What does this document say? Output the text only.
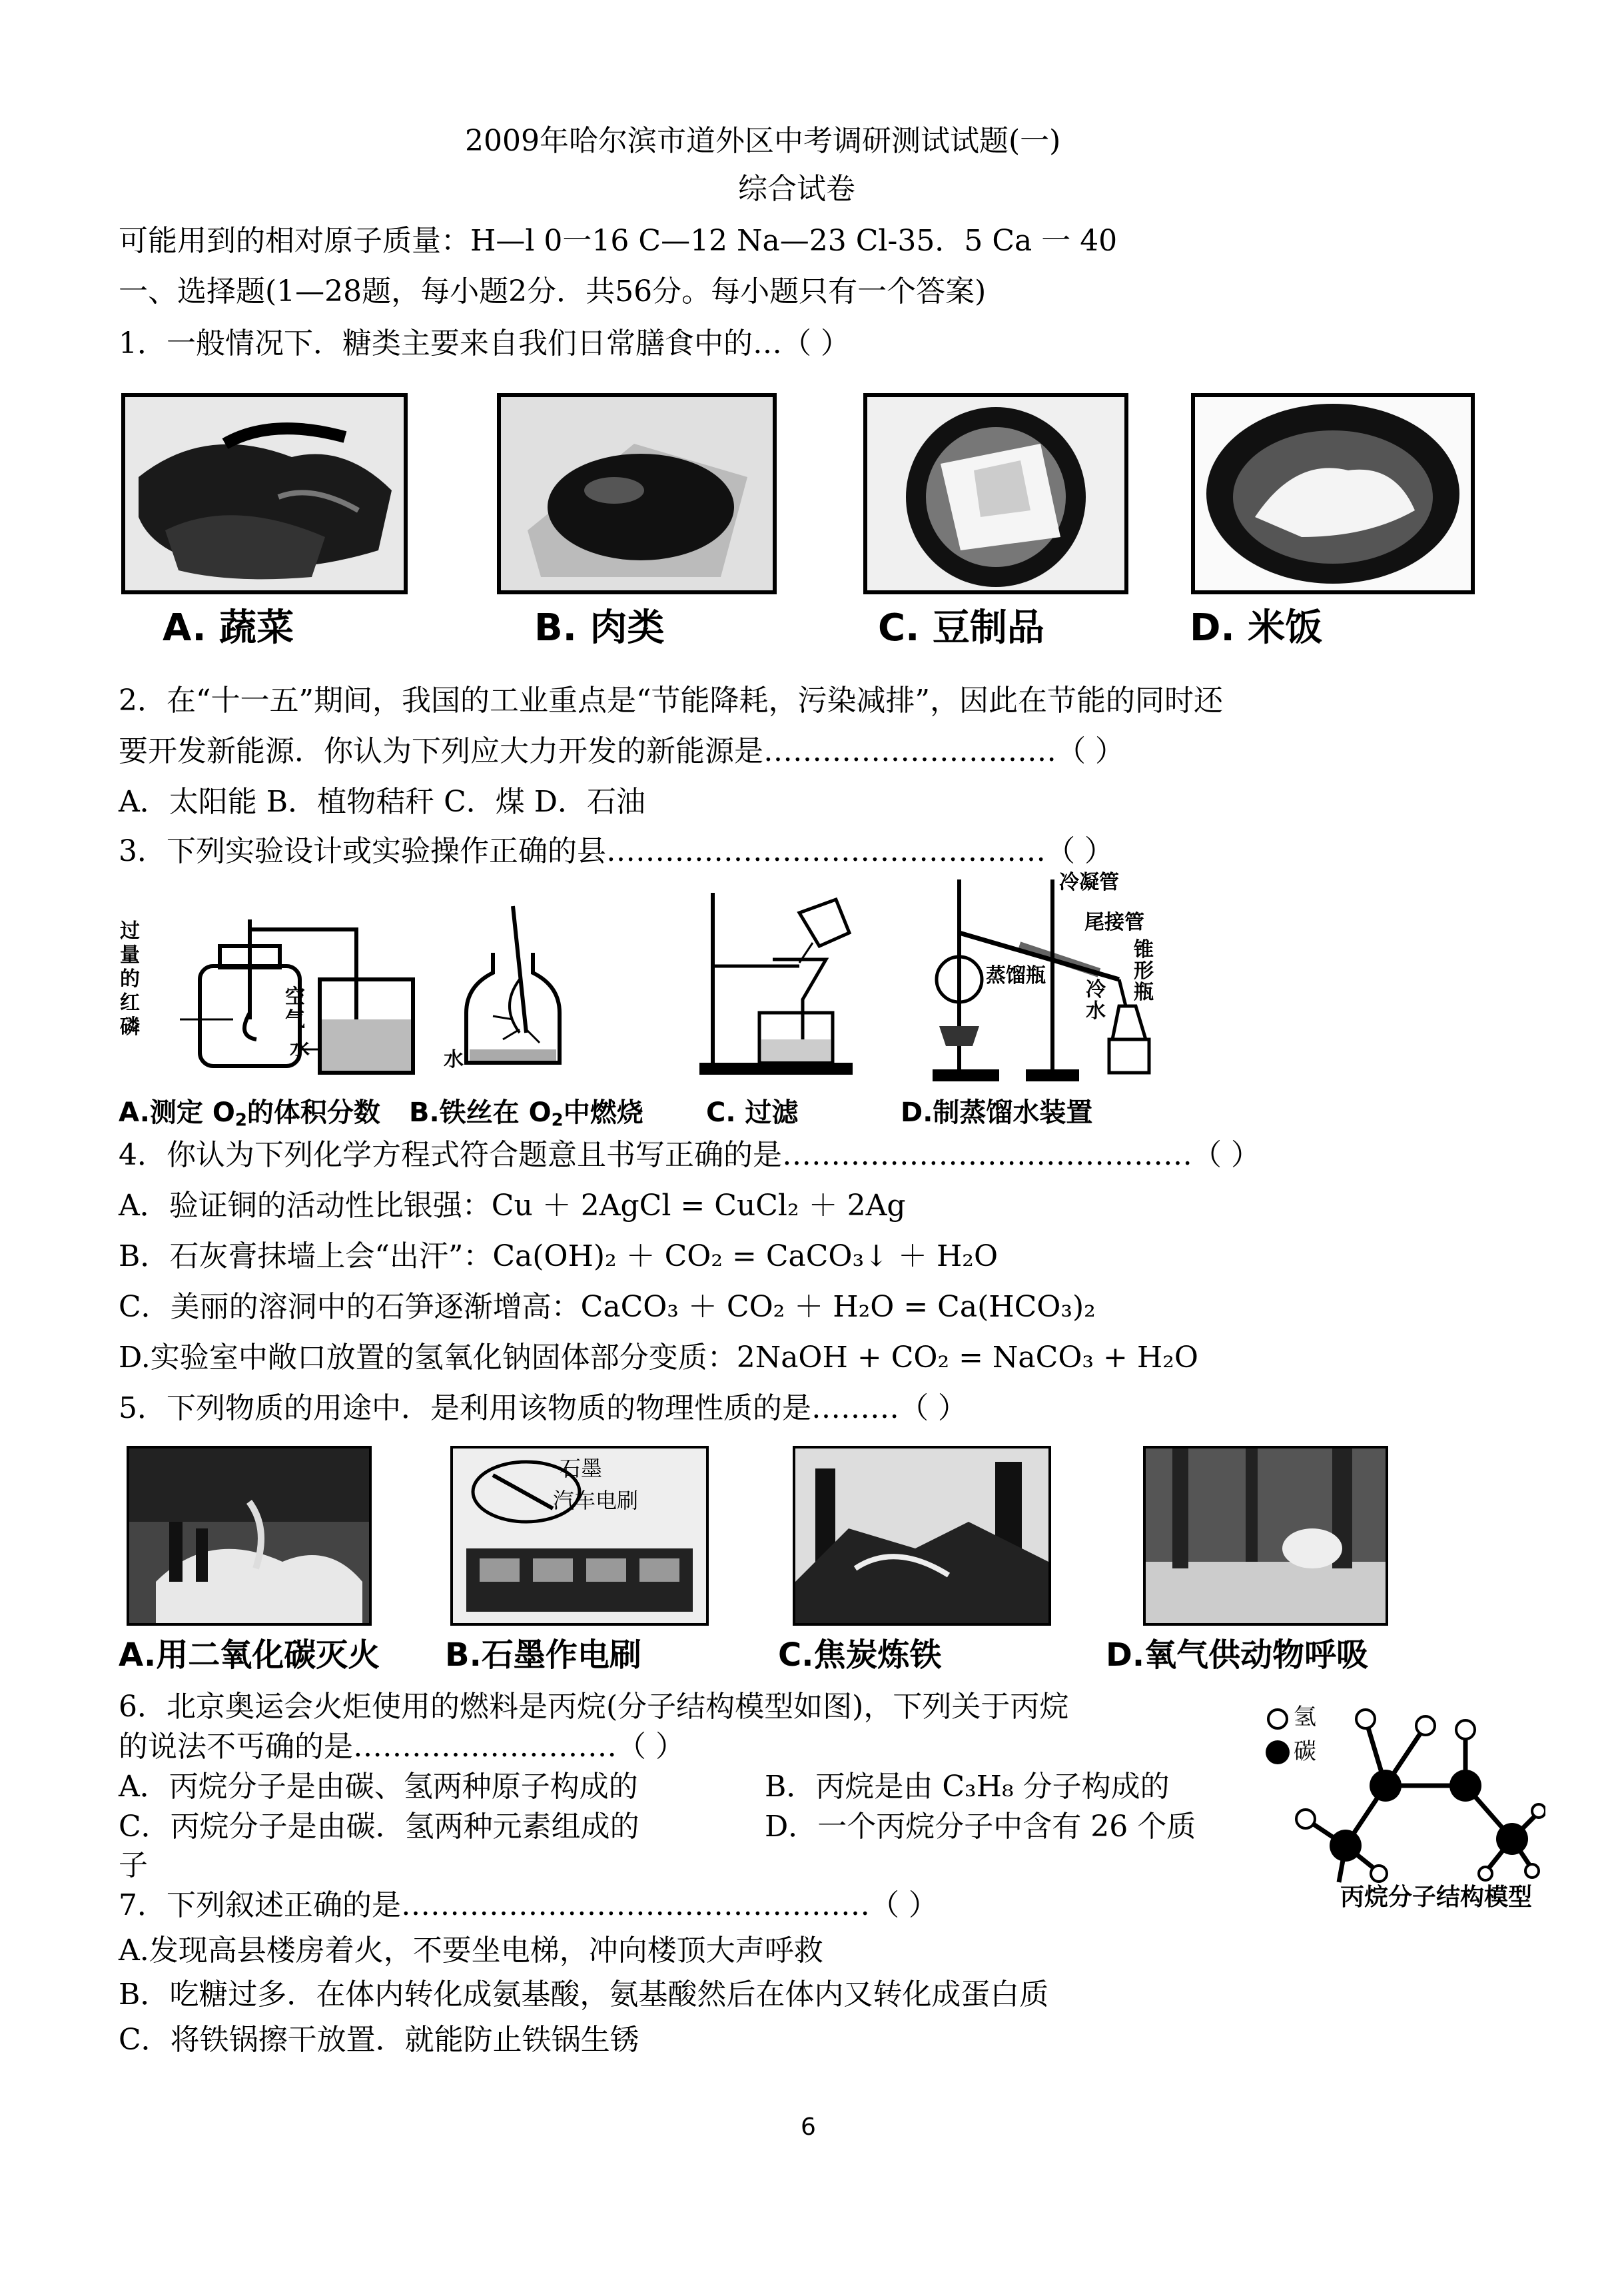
2009年哈尔滨市道外区中考调研测试试题(一)
综合试卷
可能用到的相对原子质量：H—l 0一16 C—12 Na—23 Cl-35．5 Ca 一 40
一、选择题(1—28题，每小题2分．共56分。每小题只有一个答案)
1．一般情况下．糖类主要来自我们日常膳食中的…（ ）
A. 蔬菜	B. 肉类	C. 豆制品	D. 米饭
2．在“十一五”期间，我国的工业重点是“节能降耗，污染减排”，因此在节能的同时还
要开发新能源．你认为下列应大力开发的新能源是…………………………（ ）
A．太阳能 B．植物秸秆 C．煤 D．石油
3．下列实验设计或实验操作正确的县………………………………………（ ）
过量的红磷
空气
水	水
冷凝管
尾接管
蒸馏瓶
冷水
锥形瓶
A.测定 $O_2$的体积分数 B.铁丝在 $O_2$中燃烧 C. 过滤	D.制蒸馏水装置
4．你认为下列化学方程式符合题意且书写正确的是……………………………………（ ）
A．验证铜的活动性比银强：Cu ＋ 2AgCl = CuCl₂ ＋ 2Ag
B．石灰膏抹墙上会“出汗”：Ca(OH)₂ ＋ CO₂ = CaCO₃↓ ＋ H₂O
C．美丽的溶洞中的石笋逐渐增高：CaCO₃ ＋ CO₂ ＋ H₂O = Ca(HCO₃)₂
D.实验室中敞口放置的氢氧化钠固体部分变质：2NaOH + CO₂ = NaCO₃ + H₂O
5．下列物质的用途中．是利用该物质的物理性质的是………（ ）
石墨
汽车电刷
A.用二氧化碳灭火 B.石墨作电刷	C.焦炭炼铁	D.氧气供动物呼吸
6．北京奥运会火炬使用的燃料是丙烷(分子结构模型如图)，下列关于丙烷
的说法不丐确的是………………………（ ）
A．丙烷分子是由碳、氢两种原子构成的	B．丙烷是由 C₃H₈ 分子构成的
C．丙烷分子是由碳．氢两种元素组成的	D．一个丙烷分子中含有 26 个质
子
氢
碳
丙烷分子结构模型
7．下列叙述正确的是…………………………………………（ ）
A.发现高县楼房着火，不要坐电梯，冲向楼顶大声呼救
B．吃糖过多．在体内转化成氨基酸，氨基酸然后在体内又转化成蛋白质
C．将铁锅擦干放置．就能防止铁锅生锈
6
